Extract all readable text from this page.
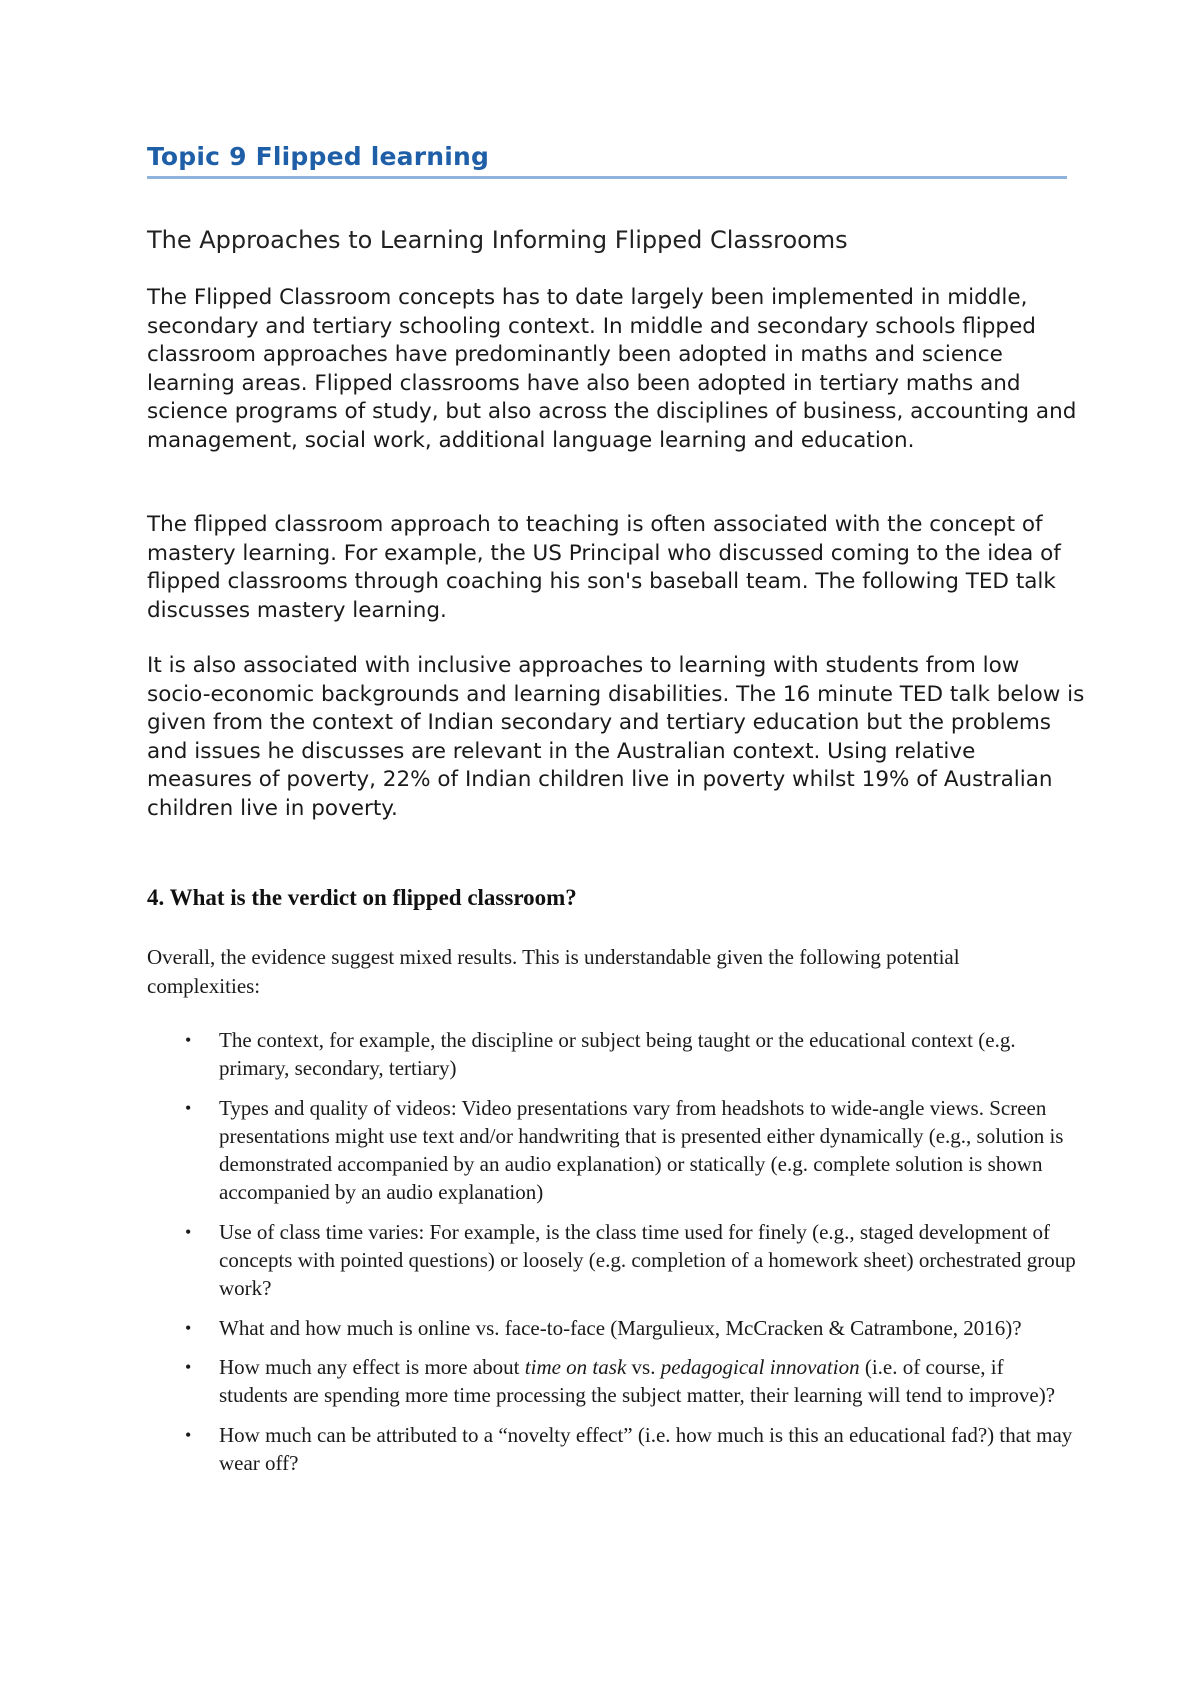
Topic 9 Flipped learning
The Approaches to Learning Informing Flipped Classrooms

The Flipped Classroom concepts has to date largely been implemented in middle, secondary and tertiary schooling context. In middle and secondary schools flipped classroom approaches have predominantly been adopted in maths and science learning areas. Flipped classrooms have also been adopted in tertiary maths and science programs of study, but also across the disciplines of business, accounting and management, social work, additional language learning and education.

The flipped classroom approach to teaching is often associated with the concept of mastery learning. For example, the US Principal who discussed coming to the idea of flipped classrooms through coaching his son's baseball team. The following TED talk discusses mastery learning.

It is also associated with inclusive approaches to learning with students from low socio-economic backgrounds and learning disabilities. The 16 minute TED talk below is given from the context of Indian secondary and tertiary education but the problems and issues he discusses are relevant in the Australian context. Using relative measures of poverty, 22% of Indian children live in poverty whilst 19% of Australian children live in poverty.

4. What is the verdict on flipped classroom?

Overall, the evidence suggest mixed results. This is understandable given the following potential complexities:

• The context, for example, the discipline or subject being taught or the educational context (e.g. primary, secondary, tertiary)
• Types and quality of videos: Video presentations vary from headshots to wide-angle views. Screen presentations might use text and/or handwriting that is presented either dynamically (e.g., solution is demonstrated accompanied by an audio explanation) or statically (e.g. complete solution is shown accompanied by an audio explanation)
• Use of class time varies: For example, is the class time used for finely (e.g., staged development of concepts with pointed questions) or loosely (e.g. completion of a homework sheet) orchestrated group work?
• What and how much is online vs. face-to-face (Margulieux, McCracken & Catrambone, 2016)?
• How much any effect is more about time on task vs. pedagogical innovation (i.e. of course, if students are spending more time processing the subject matter, their learning will tend to improve)?
• How much can be attributed to a “novelty effect” (i.e. how much is this an educational fad?) that may wear off?
